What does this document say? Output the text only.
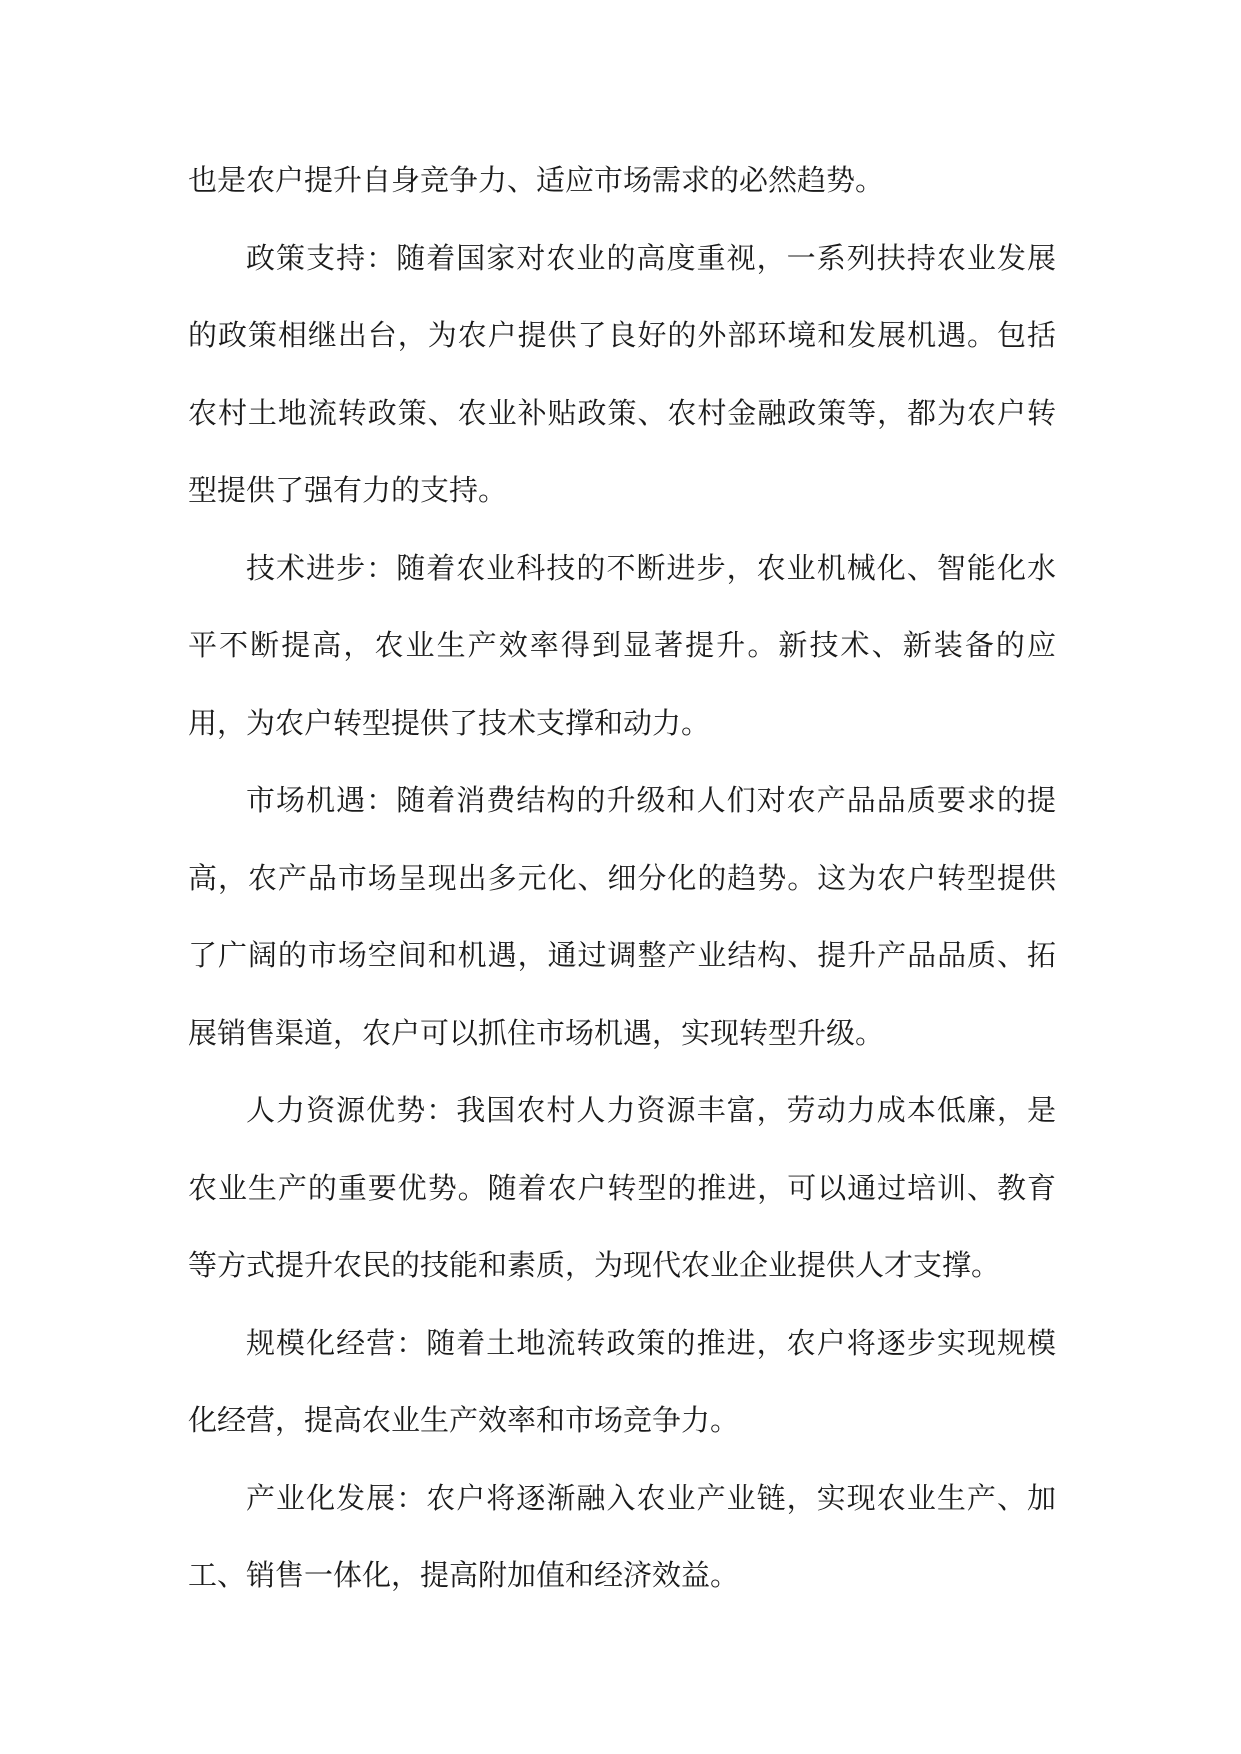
也是农户提升自身竞争力、适应市场需求的必然趋势。

政策支持：随着国家对农业的高度重视，一系列扶持农业发展的政策相继出台，为农户提供了良好的外部环境和发展机遇。包括农村土地流转政策、农业补贴政策、农村金融政策等，都为农户转型提供了强有力的支持。

技术进步：随着农业科技的不断进步，农业机械化、智能化水平不断提高，农业生产效率得到显著提升。新技术、新装备的应用，为农户转型提供了技术支撑和动力。

市场机遇：随着消费结构的升级和人们对农产品品质要求的提高，农产品市场呈现出多元化、细分化的趋势。这为农户转型提供了广阔的市场空间和机遇，通过调整产业结构、提升产品品质、拓展销售渠道，农户可以抓住市场机遇，实现转型升级。

人力资源优势：我国农村人力资源丰富，劳动力成本低廉，是农业生产的重要优势。随着农户转型的推进，可以通过培训、教育等方式提升农民的技能和素质，为现代农业企业提供人才支撑。

规模化经营：随着土地流转政策的推进，农户将逐步实现规模化经营，提高农业生产效率和市场竞争力。

产业化发展：农户将逐渐融入农业产业链，实现农业生产、加工、销售一体化，提高附加值和经济效益。
